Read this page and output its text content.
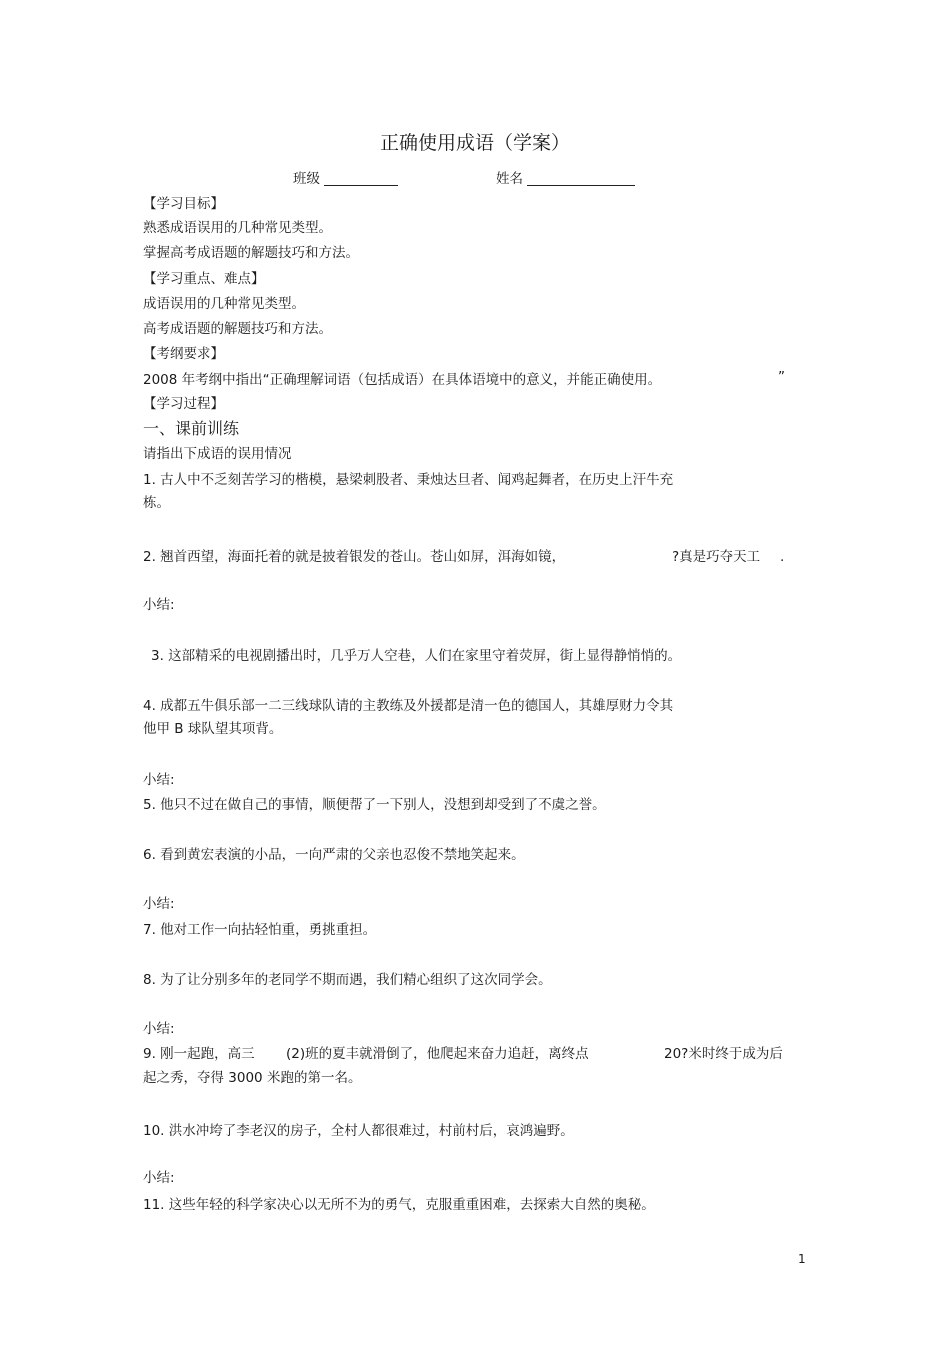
正确使用成语（学案）
班级	姓名
【学习目标】
熟悉成语误用的几种常见类型。
掌握高考成语题的解题技巧和方法。
【学习重点、难点】
成语误用的几种常见类型。
高考成语题的解题技巧和方法。
【考纲要求】
2008 年考纲中指出“正确理解词语（包括成语）在具体语境中的意义，并能正确使用。	”
【学习过程】
一、课前训练
请指出下成语的误用情况
1. 古人中不乏刻苦学习的楷模，悬梁刺股者、秉烛达旦者、闻鸡起舞者，在历史上汗牛充
栋。
2. 翘首西望，海面托着的就是披着银发的苍山。苍山如屏，洱海如镜，	?真是巧夺天工 .
小结:
3. 这部精采的电视剧播出时，几乎万人空巷，人们在家里守着荧屏，街上显得静悄悄的。
4. 成都五牛俱乐部一二三线球队请的主教练及外援都是清一色的德国人，其雄厚财力令其
他甲 B 球队望其项背。
小结:
5. 他只不过在做自己的事情，顺便帮了一下别人，没想到却受到了不虞之誉。
6. 看到黄宏表演的小品，一向严肃的父亲也忍俊不禁地笑起来。
小结:
7. 他对工作一向拈轻怕重，勇挑重担。
8. 为了让分别多年的老同学不期而遇，我们精心组织了这次同学会。
小结:
9. 刚一起跑，高三 (2)班的夏丰就滑倒了，他爬起来奋力追赶，离终点	20?米时终于成为后
起之秀，夺得 3000 米跑的第一名。
10. 洪水冲垮了李老汉的房子，全村人都很难过，村前村后，哀鸿遍野。
小结:
11. 这些年轻的科学家决心以无所不为的勇气，克服重重困难，去探索大自然的奥秘。
1
